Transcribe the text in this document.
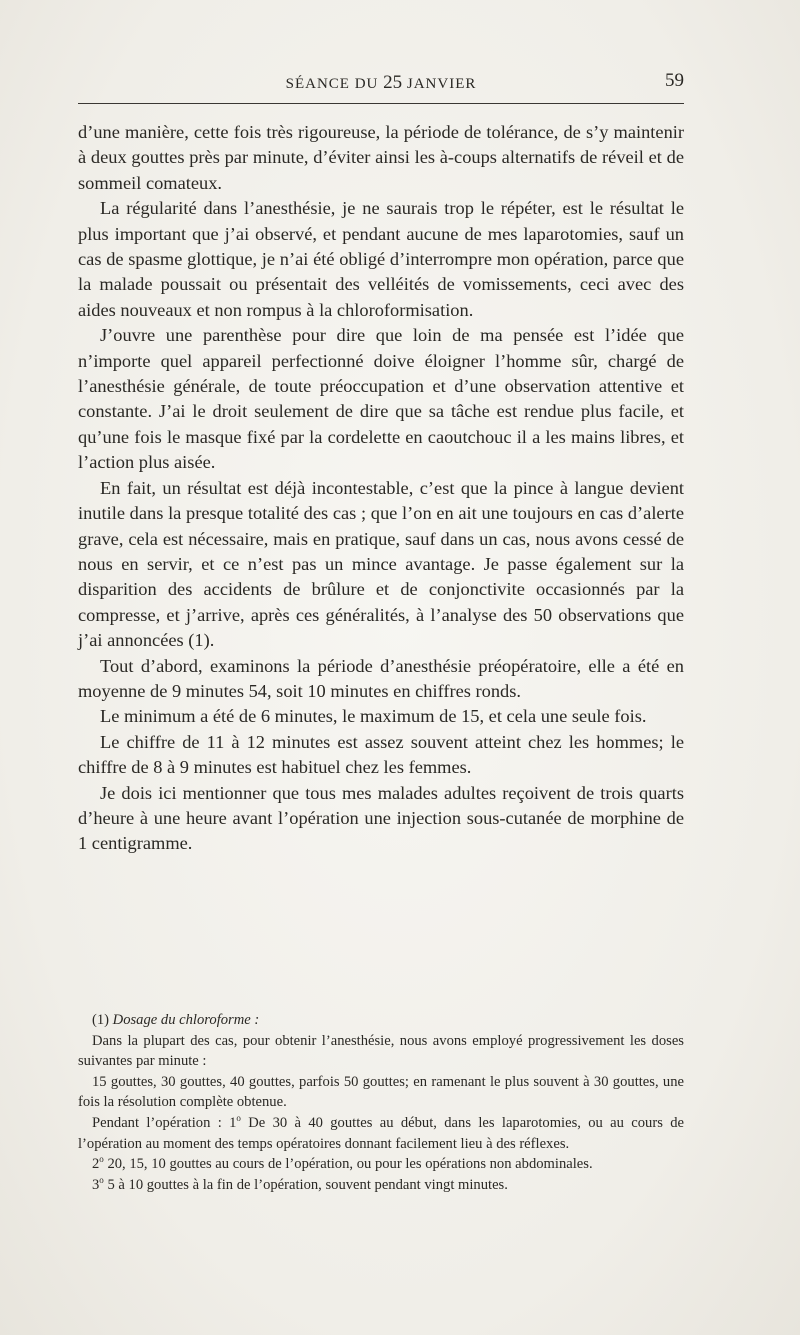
SÉANCE DU 25 JANVIER	59

d’une manière, cette fois très rigoureuse, la période de tolérance, de s’y maintenir à deux gouttes près par minute, d’éviter ainsi les à-coups alternatifs de réveil et de sommeil comateux.

La régularité dans l’anesthésie, je ne saurais trop le répéter, est le résultat le plus important que j’ai observé, et pendant aucune de mes laparotomies, sauf un cas de spasme glottique, je n’ai été obligé d’interrompre mon opération, parce que la malade poussait ou présentait des velléités de vomissements, ceci avec des aides nouveaux et non rompus à la chloroformisation.

J’ouvre une parenthèse pour dire que loin de ma pensée est l’idée que n’importe quel appareil perfectionné doive éloigner l’homme sûr, chargé de l’anesthésie générale, de toute préoccupation et d’une observation attentive et constante. J’ai le droit seulement de dire que sa tâche est rendue plus facile, et qu’une fois le masque fixé par la cordelette en caoutchouc il a les mains libres, et l’action plus aisée.

En fait, un résultat est déjà incontestable, c’est que la pince à langue devient inutile dans la presque totalité des cas ; que l’on en ait une toujours en cas d’alerte grave, cela est nécessaire, mais en pratique, sauf dans un cas, nous avons cessé de nous en servir, et ce n’est pas un mince avantage. Je passe également sur la disparition des accidents de brûlure et de conjonctivite occasionnés par la compresse, et j’arrive, après ces généralités, à l’analyse des 50 observations que j’ai annoncées (1).

Tout d’abord, examinons la période d’anesthésie préopératoire, elle a été en moyenne de 9 minutes 54, soit 10 minutes en chiffres ronds.

Le minimum a été de 6 minutes, le maximum de 15, et cela une seule fois.

Le chiffre de 11 à 12 minutes est assez souvent atteint chez les hommes; le chiffre de 8 à 9 minutes est habituel chez les femmes.

Je dois ici mentionner que tous mes malades adultes reçoivent de trois quarts d’heure à une heure avant l’opération une injection sous-cutanée de morphine de 1 centigramme.

(1) Dosage du chloroforme :

Dans la plupart des cas, pour obtenir l’anesthésie, nous avons employé progressivement les doses suivantes par minute :

15 gouttes, 30 gouttes, 40 gouttes, parfois 50 gouttes; en ramenant le plus souvent à 30 gouttes, une fois la résolution complète obtenue.

Pendant l’opération : 1$^o$ De 30 à 40 gouttes au début, dans les laparotomies, ou au cours de l’opération au moment des temps opératoires donnant facilement lieu à des réflexes.

2$^o$ 20, 15, 10 gouttes au cours de l’opération, ou pour les opérations non abdominales.

3$^o$ 5 à 10 gouttes à la fin de l’opération, souvent pendant vingt minutes.
